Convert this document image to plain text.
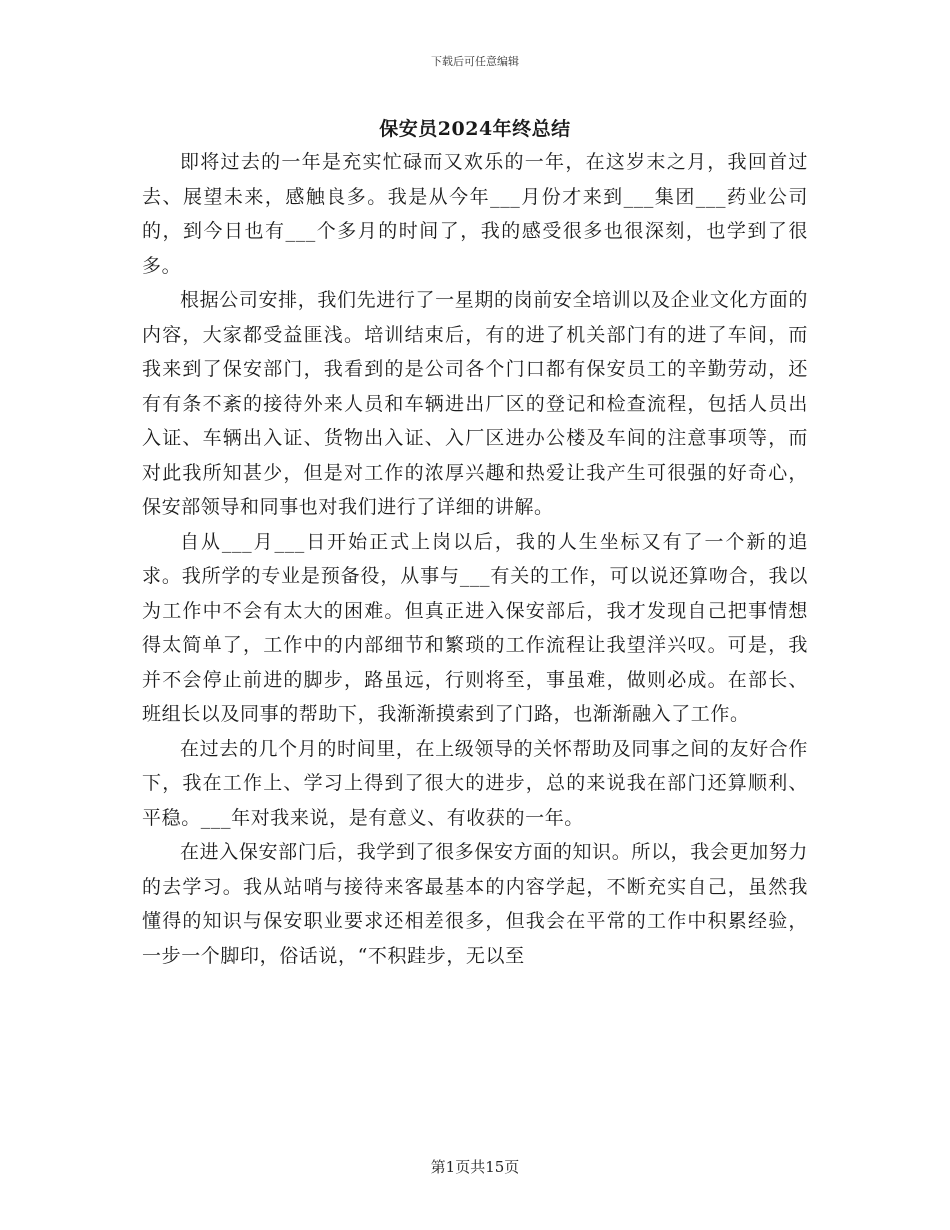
下载后可任意编辑
保安员2024年终总结

即将过去的一年是充实忙碌而又欢乐的一年，在这岁末之月，我回首过去、展望未来，感触良多。我是从今年___月份才来到___集团___药业公司的，到今日也有___个多月的时间了，我的感受很多也很深刻，也学到了很多。

根据公司安排，我们先进行了一星期的岗前安全培训以及企业文化方面的内容，大家都受益匪浅。培训结束后，有的进了机关部门有的进了车间，而我来到了保安部门，我看到的是公司各个门口都有保安员工的辛勤劳动，还有有条不紊的接待外来人员和车辆进出厂区的登记和检查流程，包括人员出入证、车辆出入证、货物出入证、入厂区进办公楼及车间的注意事项等，而对此我所知甚少，但是对工作的浓厚兴趣和热爱让我产生可很强的好奇心，保安部领导和同事也对我们进行了详细的讲解。

自从___月___日开始正式上岗以后，我的人生坐标又有了一个新的追求。我所学的专业是预备役，从事与___有关的工作，可以说还算吻合，我以为工作中不会有太大的困难。但真正进入保安部后，我才发现自己把事情想得太简单了，工作中的内部细节和繁琐的工作流程让我望洋兴叹。可是，我并不会停止前进的脚步，路虽远，行则将至，事虽难，做则必成。在部长、班组长以及同事的帮助下，我渐渐摸索到了门路，也渐渐融入了工作。

在过去的几个月的时间里，在上级领导的关怀帮助及同事之间的友好合作下，我在工作上、学习上得到了很大的进步，总的来说我在部门还算顺利、平稳。___年对我来说，是有意义、有收获的一年。

在进入保安部门后，我学到了很多保安方面的知识。所以，我会更加努力的去学习。我从站哨与接待来客最基本的内容学起，不断充实自己，虽然我懂得的知识与保安职业要求还相差很多，但我会在平常的工作中积累经验，一步一个脚印，俗话说，“不积跬步，无以至

第1页共15页
